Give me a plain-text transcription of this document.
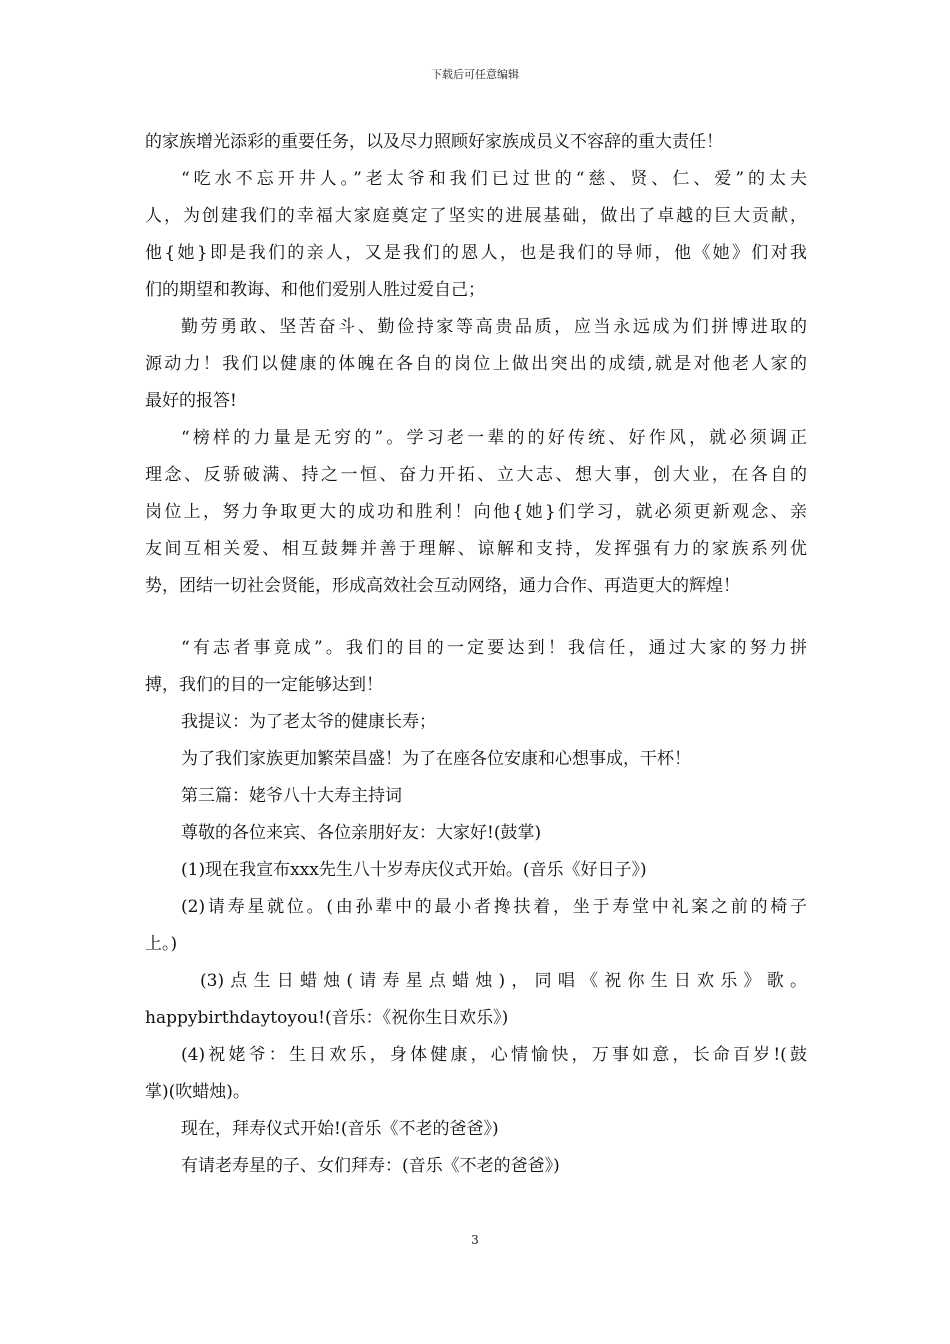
下载后可任意编辑
的家族增光添彩的重要任务，以及尽力照顾好家族成员义不容辞的重大责任！
“吃水不忘开井人。”老太爷和我们已过世的“慈、贤、仁、爱”的太夫
人，为创建我们的幸福大家庭奠定了坚实的进展基础，做出了卓越的巨大贡献，
他{她}即是我们的亲人，又是我们的恩人，也是我们的导师，他《她》们对我
们的期望和教诲、和他们爱别人胜过爱自己；
勤劳勇敢、坚苦奋斗、勤俭持家等高贵品质，应当永远成为们拼博进取的
源动力！我们以健康的体魄在各自的岗位上做出突出的成绩,就是对他老人家的
最好的报答!
“榜样的力量是无穷的”。学习老一辈的的好传统、好作风，就必须调正
理念、反骄破满、持之一恒、奋力开拓、立大志、想大事，创大业，在各自的
岗位上，努力争取更大的成功和胜利！向他{她}们学习，就必须更新观念、亲
友间互相关爱、相互鼓舞并善于理解、谅解和支持，发挥强有力的家族系列优
势，团结一切社会贤能，形成高效社会互动网络，通力合作、再造更大的辉煌！
“有志者事竟成”。我们的目的一定要达到！我信任，通过大家的努力拼
搏，我们的目的一定能够达到！
我提议：为了老太爷的健康长寿；
为了我们家族更加繁荣昌盛！为了在座各位安康和心想事成，干杯！
第三篇：姥爷八十大寿主持词
尊敬的各位来宾、各位亲朋好友：大家好!(鼓掌)
(1)现在我宣布xxx先生八十岁寿庆仪式开始。(音乐《好日子》)
(2)请寿星就位。(由孙辈中的最小者搀扶着，坐于寿堂中礼案之前的椅子
上。)
(3)点生日蜡烛(请寿星点蜡烛)，同唱《祝你生日欢乐》歌。
happybirthdaytoyou!(音乐：《祝你生日欢乐》)
(4)祝姥爷：生日欢乐，身体健康，心情愉快，万事如意，长命百岁!(鼓
掌)(吹蜡烛)。
现在，拜寿仪式开始!(音乐《不老的爸爸》)
有请老寿星的子、女们拜寿：(音乐《不老的爸爸》)
3
